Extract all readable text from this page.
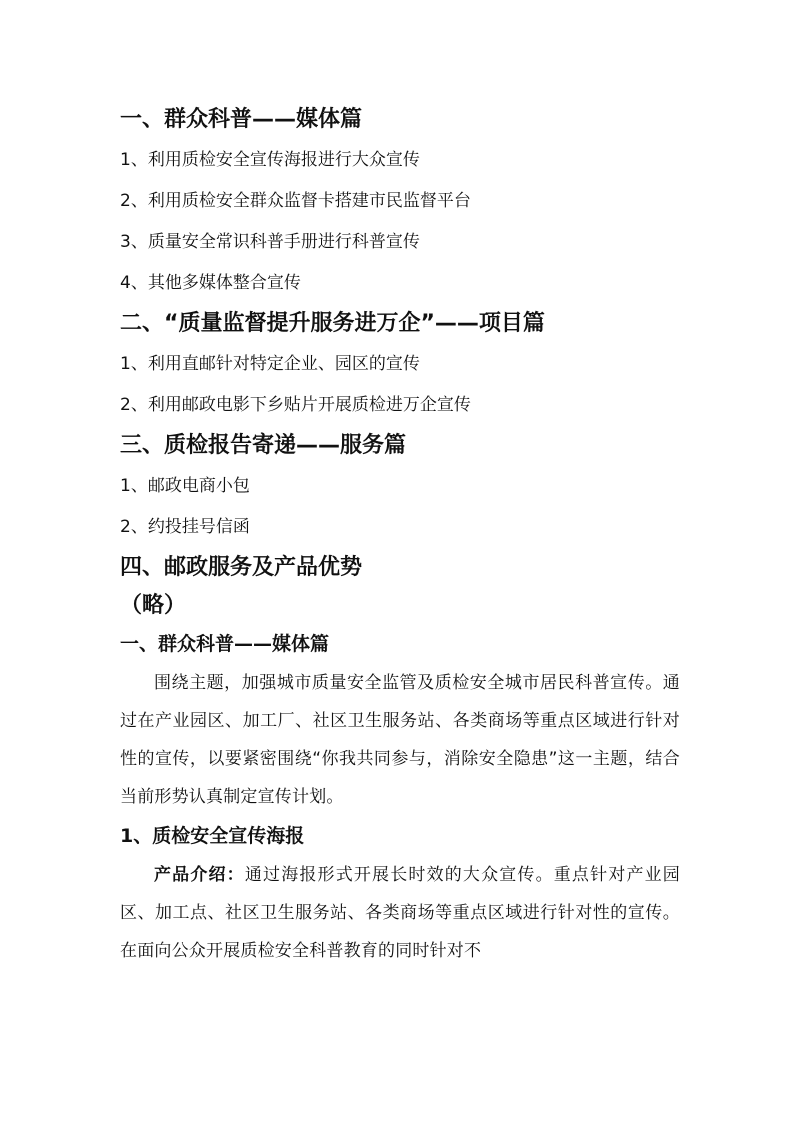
一、群众科普——媒体篇

1、利用质检安全宣传海报进行大众宣传

2、利用质检安全群众监督卡搭建市民监督平台

3、质量安全常识科普手册进行科普宣传

4、其他多媒体整合宣传

二、“质量监督提升服务进万企”——项目篇

1、利用直邮针对特定企业、园区的宣传

2、利用邮政电影下乡贴片开展质检进万企宣传

三、质检报告寄递——服务篇

1、邮政电商小包

2、约投挂号信函

四、邮政服务及产品优势

（略）

一、群众科普——媒体篇

围绕主题，加强城市质量安全监管及质检安全城市居民科普宣传。通过在产业园区、加工厂、社区卫生服务站、各类商场等重点区域进行针对性的宣传，以要紧密围绕“你我共同参与，消除安全隐患”这一主题，结合当前形势认真制定宣传计划。

1、质检安全宣传海报

产品介绍：通过海报形式开展长时效的大众宣传。重点针对产业园区、加工点、社区卫生服务站、各类商场等重点区域进行针对性的宣传。在面向公众开展质检安全科普教育的同时针对不
